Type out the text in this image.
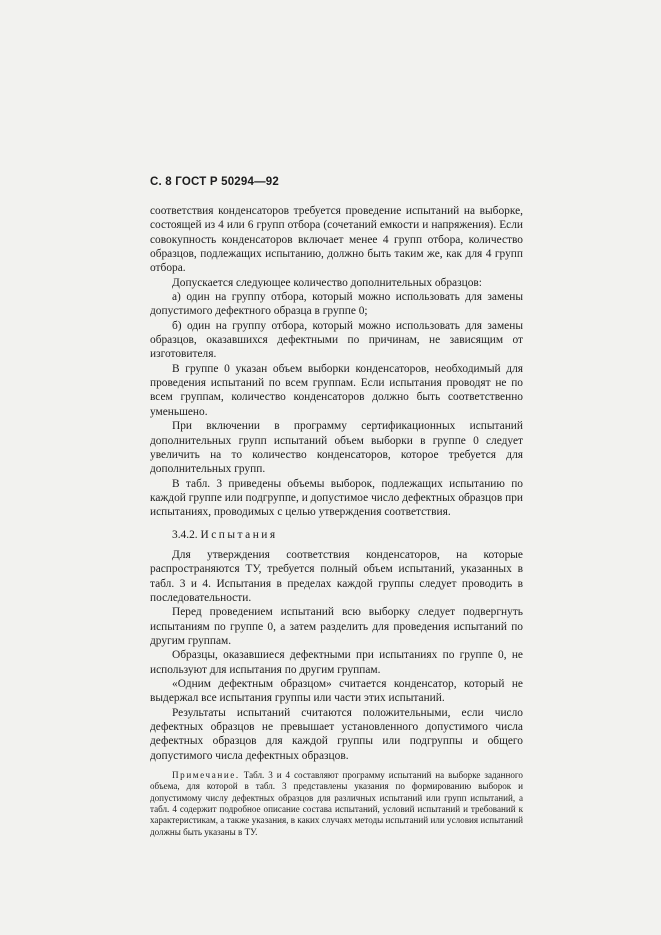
С. 8 ГОСТ Р 50294—92

соответствия конденсаторов требуется проведение испытаний на выборке, состоящей из 4 или 6 групп отбора (сочетаний емкости и напряжения). Если совокупность конденсаторов включает менее 4 групп отбора, количество образцов, подлежащих испытанию, должно быть таким же, как для 4 групп отбора.

Допускается следующее количество дополнительных образцов:

а) один на группу отбора, который можно использовать для замены допустимого дефектного образца в группе 0;

б) один на группу отбора, который можно использовать для замены образцов, оказавшихся дефектными по причинам, не зависящим от изготовителя.

В группе 0 указан объем выборки конденсаторов, необходимый для проведения испытаний по всем группам. Если испытания проводят не по всем группам, количество конденсаторов должно быть соответственно уменьшено.

При включении в программу сертификационных испытаний дополнительных групп испытаний объем выборки в группе 0 следует увеличить на то количество конденсаторов, которое требуется для дополнительных групп.

В табл. 3 приведены объемы выборок, подлежащих испытанию по каждой группе или подгруппе, и допустимое число дефектных образцов при испытаниях, проводимых с целью утверждения соответствия.

3.4.2. Испытания

Для утверждения соответствия конденсаторов, на которые распространяются ТУ, требуется полный объем испытаний, указанных в табл. 3 и 4. Испытания в пределах каждой группы следует проводить в последовательности.

Перед проведением испытаний всю выборку следует подвергнуть испытаниям по группе 0, а затем разделить для проведения испытаний по другим группам.

Образцы, оказавшиеся дефектными при испытаниях по группе 0, не используют для испытания по другим группам.

«Одним дефектным образцом» считается конденсатор, который не выдержал все испытания группы или части этих испытаний.

Результаты испытаний считаются положительными, если число дефектных образцов не превышает установленного допустимого числа дефектных образцов для каждой группы или подгруппы и общего допустимого числа дефектных образцов.

Примечание. Табл. 3 и 4 составляют программу испытаний на выборке заданного объема, для которой в табл. 3 представлены указания по формированию выборок и допустимому числу дефектных образцов для различных испытаний или групп испытаний, а табл. 4 содержит подробное описание состава испытаний, условий испытаний и требований к характеристикам, а также указания, в каких случаях методы испытаний или условия испытаний должны быть указаны в ТУ.
